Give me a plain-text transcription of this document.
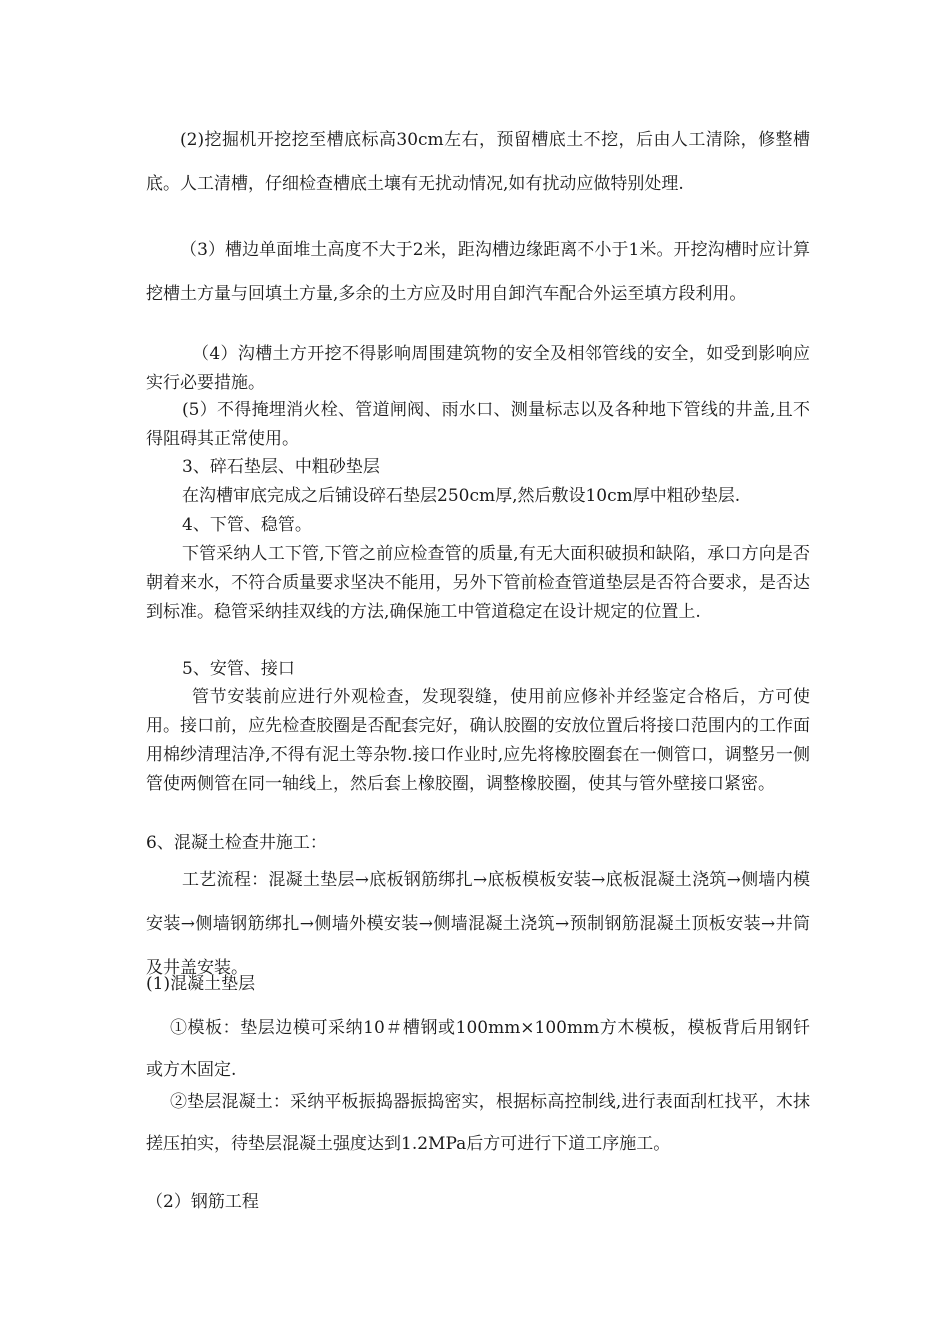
(2)挖掘机开挖挖至槽底标高30cm左右，预留槽底土不挖，后由人工清除，修整槽底。人工清槽，仔细检查槽底土壤有无扰动情况,如有扰动应做特别处理.

（3）槽边单面堆土高度不大于2米，距沟槽边缘距离不小于1米。开挖沟槽时应计算挖槽土方量与回填土方量,多余的土方应及时用自卸汽车配合外运至填方段利用。

（4）沟槽土方开挖不得影响周围建筑物的安全及相邻管线的安全，如受到影响应实行必要措施。

(5）不得掩埋消火栓、管道闸阀、雨水口、测量标志以及各种地下管线的井盖,且不得阻碍其正常使用。

3、碎石垫层、中粗砂垫层

在沟槽审底完成之后铺设碎石垫层250cm厚,然后敷设10cm厚中粗砂垫层.

4、下管、稳管。

下管采纳人工下管,下管之前应检查管的质量,有无大面积破损和缺陷，承口方向是否朝着来水，不符合质量要求坚决不能用，另外下管前检查管道垫层是否符合要求，是否达到标准。稳管采纳挂双线的方法,确保施工中管道稳定在设计规定的位置上.

5、安管、接口

管节安装前应进行外观检查，发现裂缝，使用前应修补并经鉴定合格后，方可使用。接口前，应先检查胶圈是否配套完好，确认胶圈的安放位置后将接口范围内的工作面用棉纱清理洁净,不得有泥土等杂物.接口作业时,应先将橡胶圈套在一侧管口，调整另一侧管使两侧管在同一轴线上，然后套上橡胶圈，调整橡胶圈，使其与管外壁接口紧密。

6、混凝土检查井施工：

工艺流程：混凝土垫层→底板钢筋绑扎→底板模板安装→底板混凝土浇筑→侧墙内模安装→侧墙钢筋绑扎→侧墙外模安装→侧墙混凝土浇筑→预制钢筋混凝土顶板安装→井筒及井盖安装。

(1)混凝土垫层

①模板：垫层边模可采纳10＃槽钢或100mm×100mm方木模板，模板背后用钢钎或方木固定.

②垫层混凝土：采纳平板振捣器振捣密实，根据标高控制线,进行表面刮杠找平，木抹搓压拍实，待垫层混凝土强度达到1.2MPa后方可进行下道工序施工。

（2）钢筋工程
